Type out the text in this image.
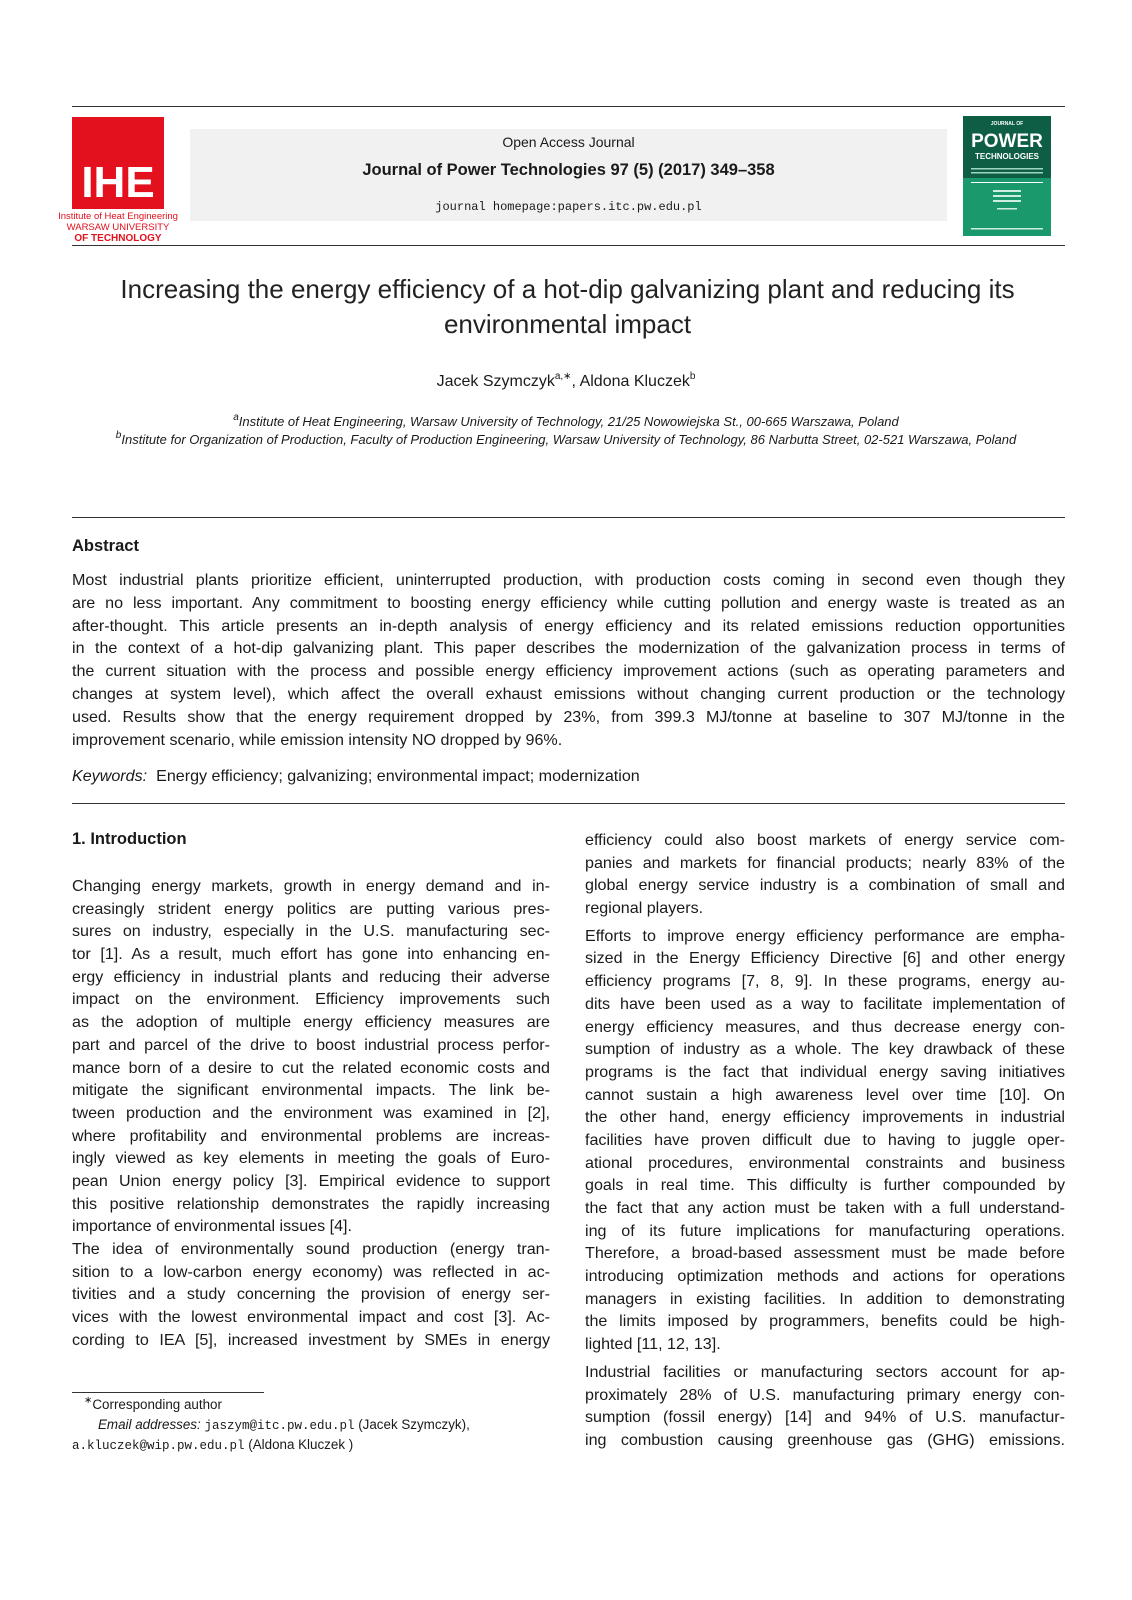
IHE
Institute of Heat Engineering
WARSAW UNIVERSITY
OF TECHNOLOGY
Open Access Journal
Journal of Power Technologies 97 (5) (2017) 349–358
journal homepage:papers.itc.pw.edu.pl
JOURNAL OF
POWER
TECHNOLOGIES
Increasing the energy efficiency of a hot-dip galvanizing plant and reducing its
environmental impact
Jacek Szymczyk$^{a,∗}$, Aldona Kluczek$^b$
$^a$Institute of Heat Engineering, Warsaw University of Technology, 21/25 Nowowiejska St., 00-665 Warszawa, Poland
$^b$Institute for Organization of Production, Faculty of Production Engineering, Warsaw University of Technology, 86 Narbutta Street, 02-521 Warszawa, Poland
Abstract
Most industrial plants prioritize efficient, uninterrupted production, with production costs coming in second even though they
are no less important. Any commitment to boosting energy efficiency while cutting pollution and energy waste is treated as an
after-thought. This article presents an in-depth analysis of energy efficiency and its related emissions reduction opportunities
in the context of a hot-dip galvanizing plant. This paper describes the modernization of the galvanization process in terms of
the current situation with the process and possible energy efficiency improvement actions (such as operating parameters and
changes at system level), which affect the overall exhaust emissions without changing current production or the technology
used. Results show that the energy requirement dropped by 23%, from 399.3 MJ/tonne at baseline to 307 MJ/tonne in the
improvement scenario, while emission intensity NO dropped by 96%.
Keywords: Energy efficiency; galvanizing; environmental impact; modernization
1. Introduction
Changing energy markets, growth in energy demand and in-
creasingly strident energy politics are putting various pres-
sures on industry, especially in the U.S. manufacturing sec-
tor [1]. As a result, much effort has gone into enhancing en-
ergy efficiency in industrial plants and reducing their adverse
impact on the environment. Efficiency improvements such
as the adoption of multiple energy efficiency measures are
part and parcel of the drive to boost industrial process perfor-
mance born of a desire to cut the related economic costs and
mitigate the significant environmental impacts. The link be-
tween production and the environment was examined in [2],
where profitability and environmental problems are increas-
ingly viewed as key elements in meeting the goals of Euro-
pean Union energy policy [3]. Empirical evidence to support
this positive relationship demonstrates the rapidly increasing
importance of environmental issues [4].
The idea of environmentally sound production (energy tran-
sition to a low-carbon energy economy) was reflected in ac-
tivities and a study concerning the provision of energy ser-
vices with the lowest environmental impact and cost [3]. Ac-
cording to IEA [5], increased investment by SMEs in energy
efficiency could also boost markets of energy service com-
panies and markets for financial products; nearly 83% of the
global energy service industry is a combination of small and
regional players.
Efforts to improve energy efficiency performance are empha-
sized in the Energy Efficiency Directive [6] and other energy
efficiency programs [7, 8, 9]. In these programs, energy au-
dits have been used as a way to facilitate implementation of
energy efficiency measures, and thus decrease energy con-
sumption of industry as a whole. The key drawback of these
programs is the fact that individual energy saving initiatives
cannot sustain a high awareness level over time [10]. On
the other hand, energy efficiency improvements in industrial
facilities have proven difficult due to having to juggle oper-
ational procedures, environmental constraints and business
goals in real time. This difficulty is further compounded by
the fact that any action must be taken with a full understand-
ing of its future implications for manufacturing operations.
Therefore, a broad-based assessment must be made before
introducing optimization methods and actions for operations
managers in existing facilities. In addition to demonstrating
the limits imposed by programmers, benefits could be high-
lighted [11, 12, 13].
Industrial facilities or manufacturing sectors account for ap-
proximately 28% of U.S. manufacturing primary energy con-
sumption (fossil energy) [14] and 94% of U.S. manufactur-
ing combustion causing greenhouse gas (GHG) emissions.
∗Corresponding author
Email addresses: jaszym@itc.pw.edu.pl (Jacek Szymczyk),
a.kluczek@wip.pw.edu.pl (Aldona Kluczek )
